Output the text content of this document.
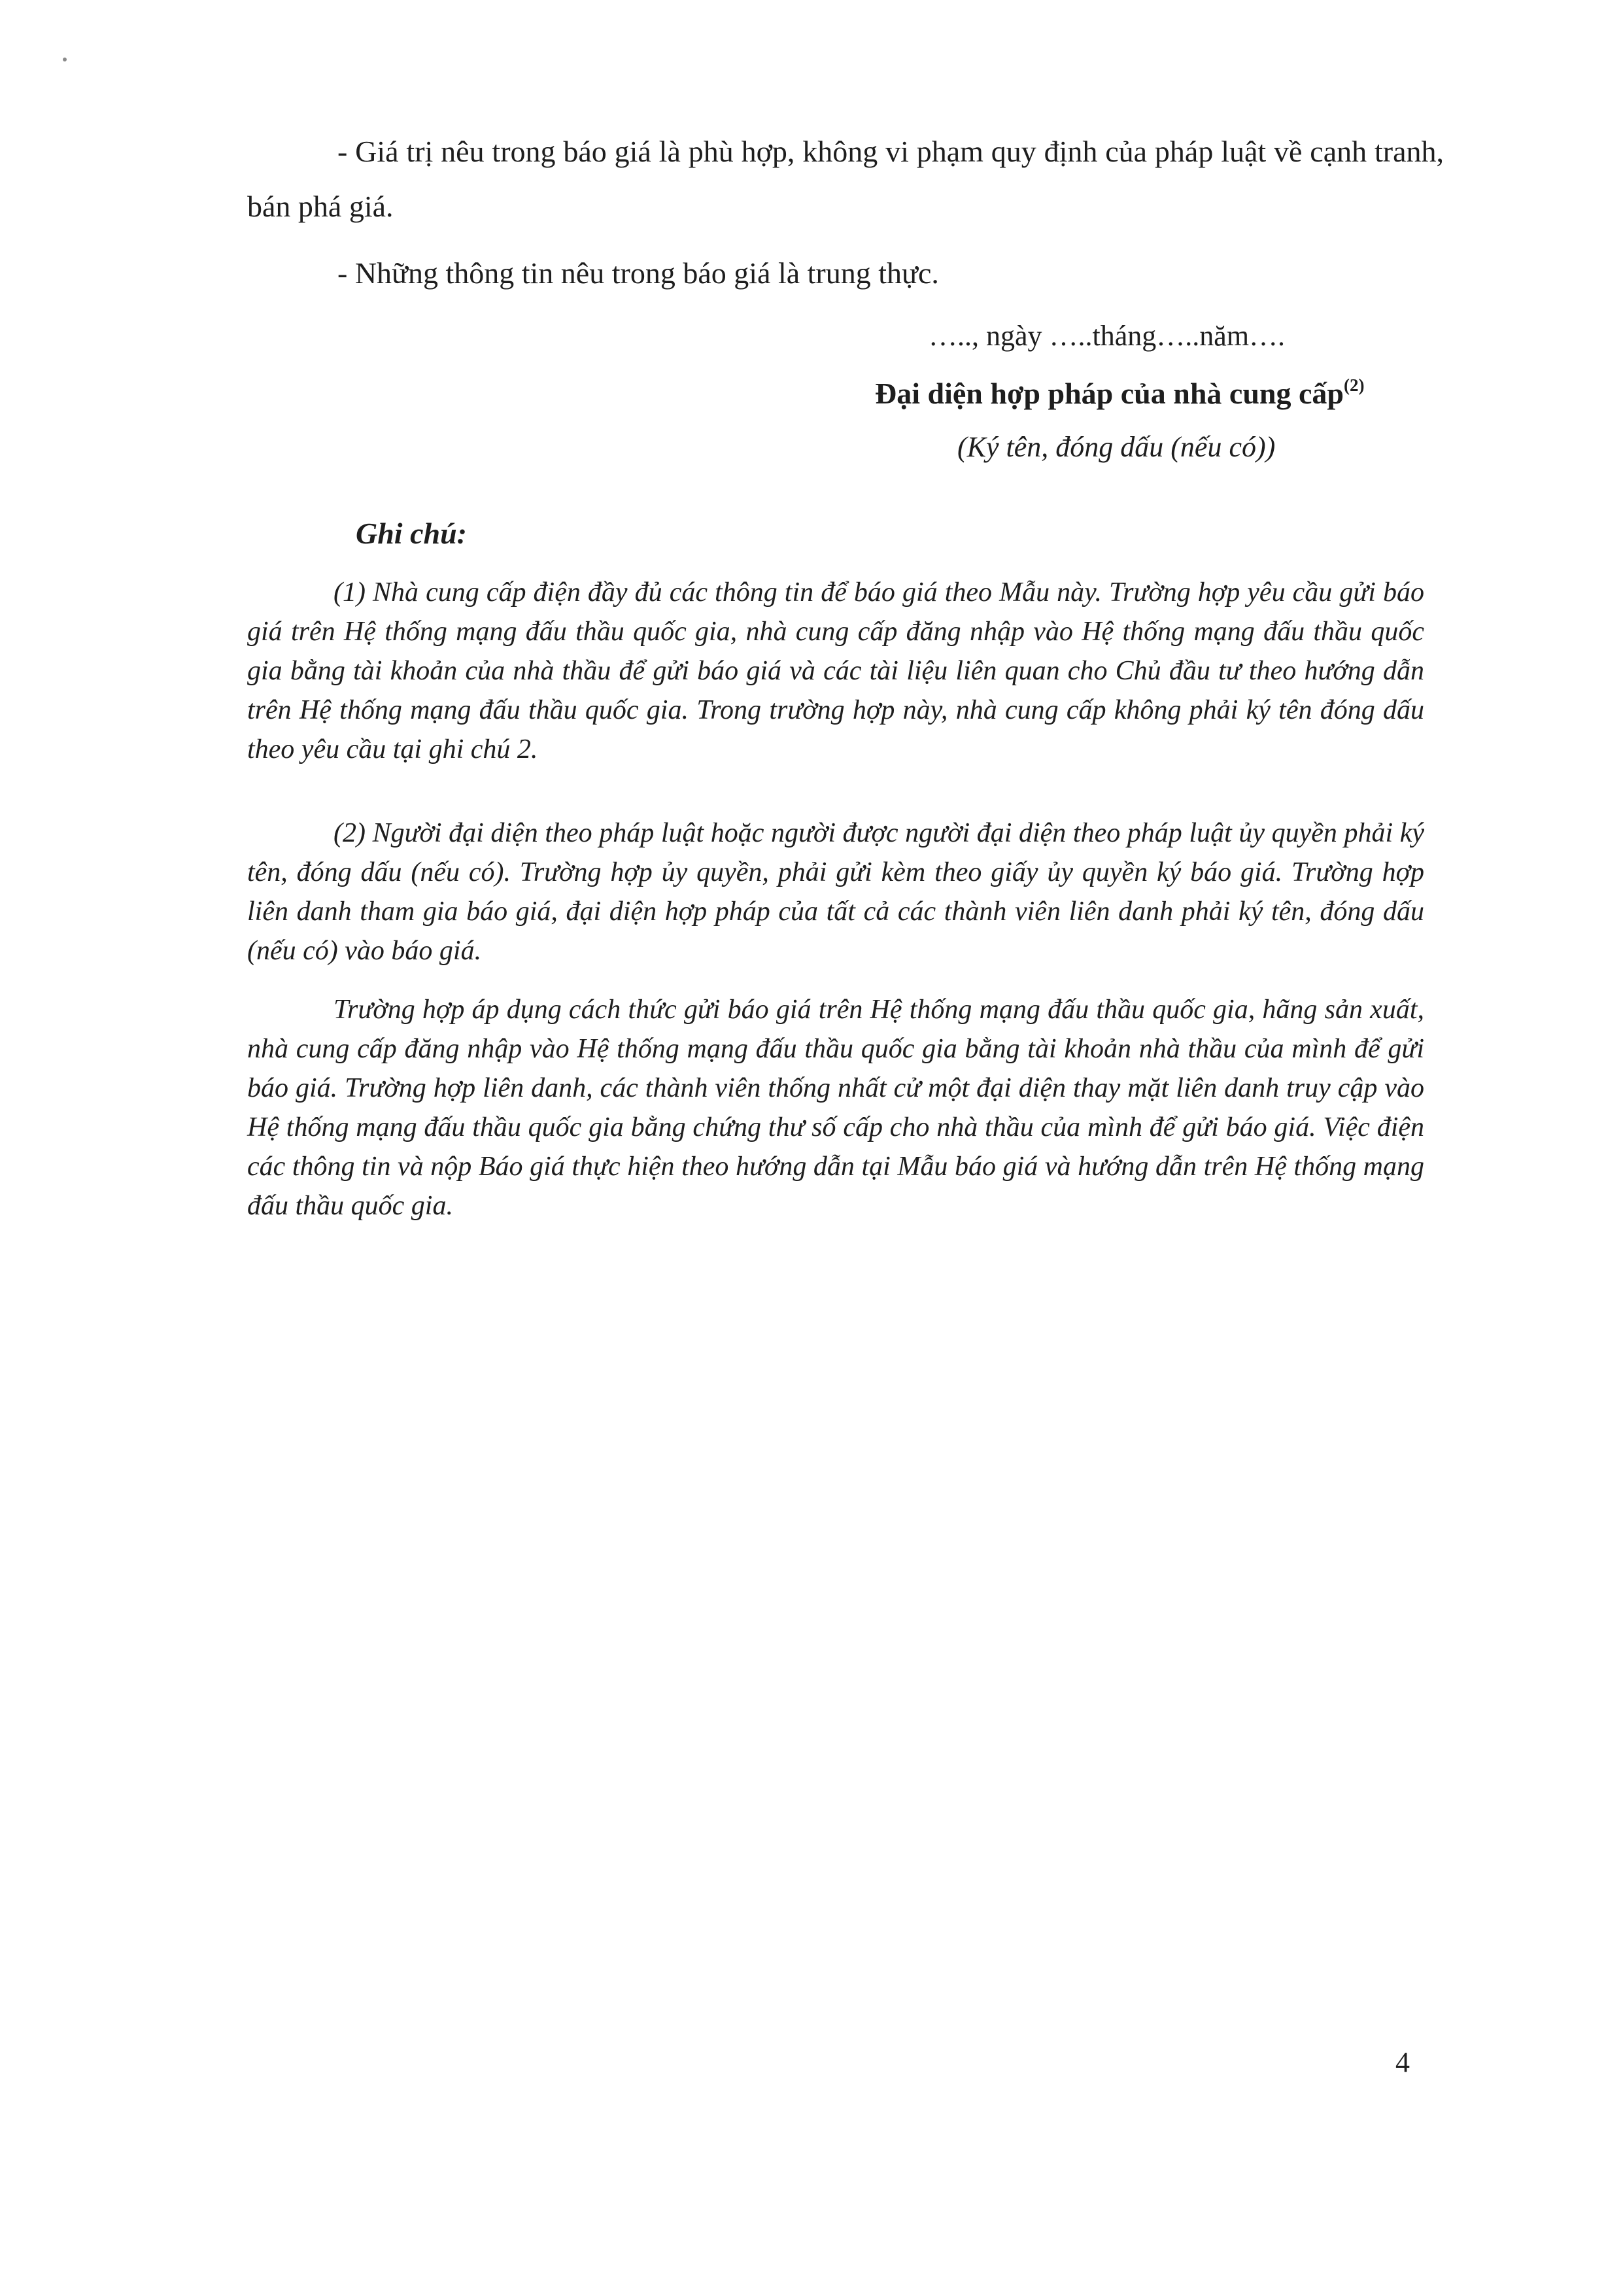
- Giá trị nêu trong báo giá là phù hợp, không vi phạm quy định của pháp luật về cạnh tranh, bán phá giá.

- Những thông tin nêu trong báo giá là trung thực.

….., ngày …..tháng…..năm….
Đại diện hợp pháp của nhà cung cấp$^{(2)}$
(Ký tên, đóng dấu (nếu có))
Ghi chú:

(1) Nhà cung cấp điện đầy đủ các thông tin để báo giá theo Mẫu này. Trường hợp yêu cầu gửi báo giá trên Hệ thống mạng đấu thầu quốc gia, nhà cung cấp đăng nhập vào Hệ thống mạng đấu thầu quốc gia bằng tài khoản của nhà thầu để gửi báo giá và các tài liệu liên quan cho Chủ đầu tư theo hướng dẫn trên Hệ thống mạng đấu thầu quốc gia. Trong trường hợp này, nhà cung cấp không phải ký tên đóng dấu theo yêu cầu tại ghi chú 2.

(2) Người đại diện theo pháp luật hoặc người được người đại diện theo pháp luật ủy quyền phải ký tên, đóng dấu (nếu có). Trường hợp ủy quyền, phải gửi kèm theo giấy ủy quyền ký báo giá. Trường hợp liên danh tham gia báo giá, đại diện hợp pháp của tất cả các thành viên liên danh phải ký tên, đóng dấu (nếu có) vào báo giá.

Trường hợp áp dụng cách thức gửi báo giá trên Hệ thống mạng đấu thầu quốc gia, hãng sản xuất, nhà cung cấp đăng nhập vào Hệ thống mạng đấu thầu quốc gia bằng tài khoản nhà thầu của mình để gửi báo giá. Trường hợp liên danh, các thành viên thống nhất cử một đại diện thay mặt liên danh truy cập vào Hệ thống mạng đấu thầu quốc gia bằng chứng thư số cấp cho nhà thầu của mình để gửi báo giá. Việc điện các thông tin và nộp Báo giá thực hiện theo hướng dẫn tại Mẫu báo giá và hướng dẫn trên Hệ thống mạng đấu thầu quốc gia.

4
